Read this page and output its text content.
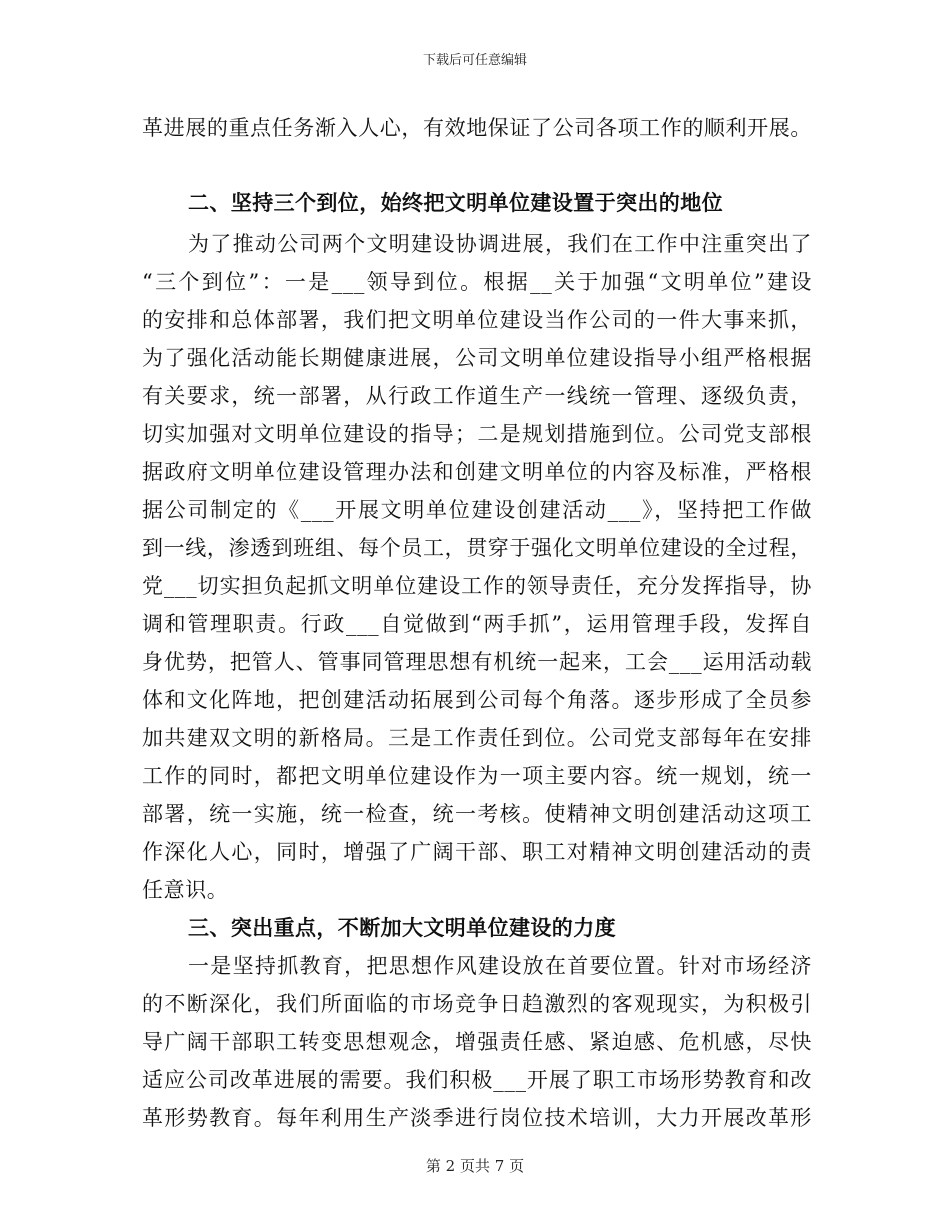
下载后可任意编辑
革进展的重点任务渐入人心，有效地保证了公司各项工作的顺利开展。
二、坚持三个到位，始终把文明单位建设置于突出的地位
为了推动公司两个文明建设协调进展，我们在工作中注重突出了
“三个到位”：一是___领导到位。根据__关于加强“文明单位”建设
的安排和总体部署，我们把文明单位建设当作公司的一件大事来抓，
为了强化活动能长期健康进展，公司文明单位建设指导小组严格根据
有关要求，统一部署，从行政工作道生产一线统一管理、逐级负责，
切实加强对文明单位建设的指导；二是规划措施到位。公司党支部根
据政府文明单位建设管理办法和创建文明单位的内容及标准，严格根
据公司制定的《___开展文明单位建设创建活动___》，坚持把工作做
到一线，渗透到班组、每个员工，贯穿于强化文明单位建设的全过程，
党___切实担负起抓文明单位建设工作的领导责任，充分发挥指导，协
调和管理职责。行政___自觉做到“两手抓”，运用管理手段，发挥自
身优势，把管人、管事同管理思想有机统一起来，工会___运用活动载
体和文化阵地，把创建活动拓展到公司每个角落。逐步形成了全员参
加共建双文明的新格局。三是工作责任到位。公司党支部每年在安排
工作的同时，都把文明单位建设作为一项主要内容。统一规划，统一
部署，统一实施，统一检查，统一考核。使精神文明创建活动这项工
作深化人心，同时，增强了广阔干部、职工对精神文明创建活动的责
任意识。
三、突出重点，不断加大文明单位建设的力度
一是坚持抓教育，把思想作风建设放在首要位置。针对市场经济
的不断深化，我们所面临的市场竞争日趋激烈的客观现实，为积极引
导广阔干部职工转变思想观念，增强责任感、紧迫感、危机感，尽快
适应公司改革进展的需要。我们积极___开展了职工市场形势教育和改
革形势教育。每年利用生产淡季进行岗位技术培训，大力开展改革形
第 2 页共 7 页
